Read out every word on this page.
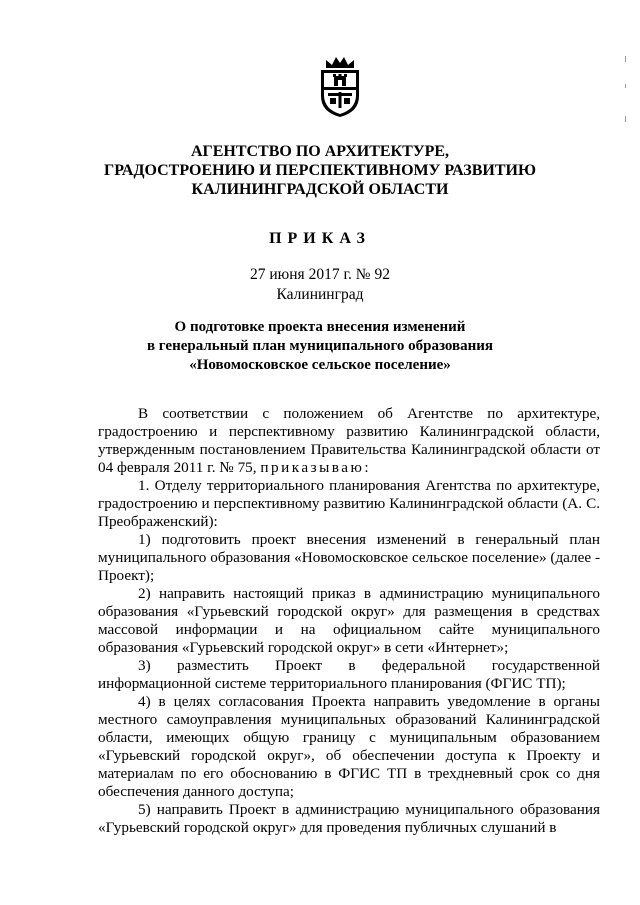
АГЕНТСТВО ПО АРХИТЕКТУРЕ,
ГРАДОСТРОЕНИЮ И ПЕРСПЕКТИВНОМУ РАЗВИТИЮ
КАЛИНИНГРАДСКОЙ ОБЛАСТИ
ПРИКАЗ
27 июня 2017 г. № 92
Калининград
О подготовке проекта внесения изменений
в генеральный план муниципального образования
«Новомосковское сельское поселение»

В соответствии с положением об Агентстве по архитектуре, градостроению и перспективному развитию Калининградской области, утвержденным постановлением Правительства Калининградской области от 04 февраля 2011 г. № 75, приказываю:

1. Отделу территориального планирования Агентства по архитектуре, градостроению и перспективному развитию Калининградской области (А. С. Преображенский):

1) подготовить проект внесения изменений в генеральный план муниципального образования «Новомосковское сельское поселение» (далее - Проект);

2) направить настоящий приказ в администрацию муниципального образования «Гурьевский городской округ» для размещения в средствах массовой информации и на официальном сайте муниципального образования «Гурьевский городской округ» в сети «Интернет»;

3) разместить Проект в федеральной государственной информационной системе территориального планирования (ФГИС ТП);

4) в целях согласования Проекта направить уведомление в органы местного самоуправления муниципальных образований Калининградской области, имеющих общую границу с муниципальным образованием «Гурьевский городской округ», об обеспечении доступа к Проекту и материалам по его обоснованию в ФГИС ТП в трехдневный срок со дня обеспечения данного доступа;

5) направить Проект в администрацию муниципального образования «Гурьевский городской округ» для проведения публичных слушаний в
